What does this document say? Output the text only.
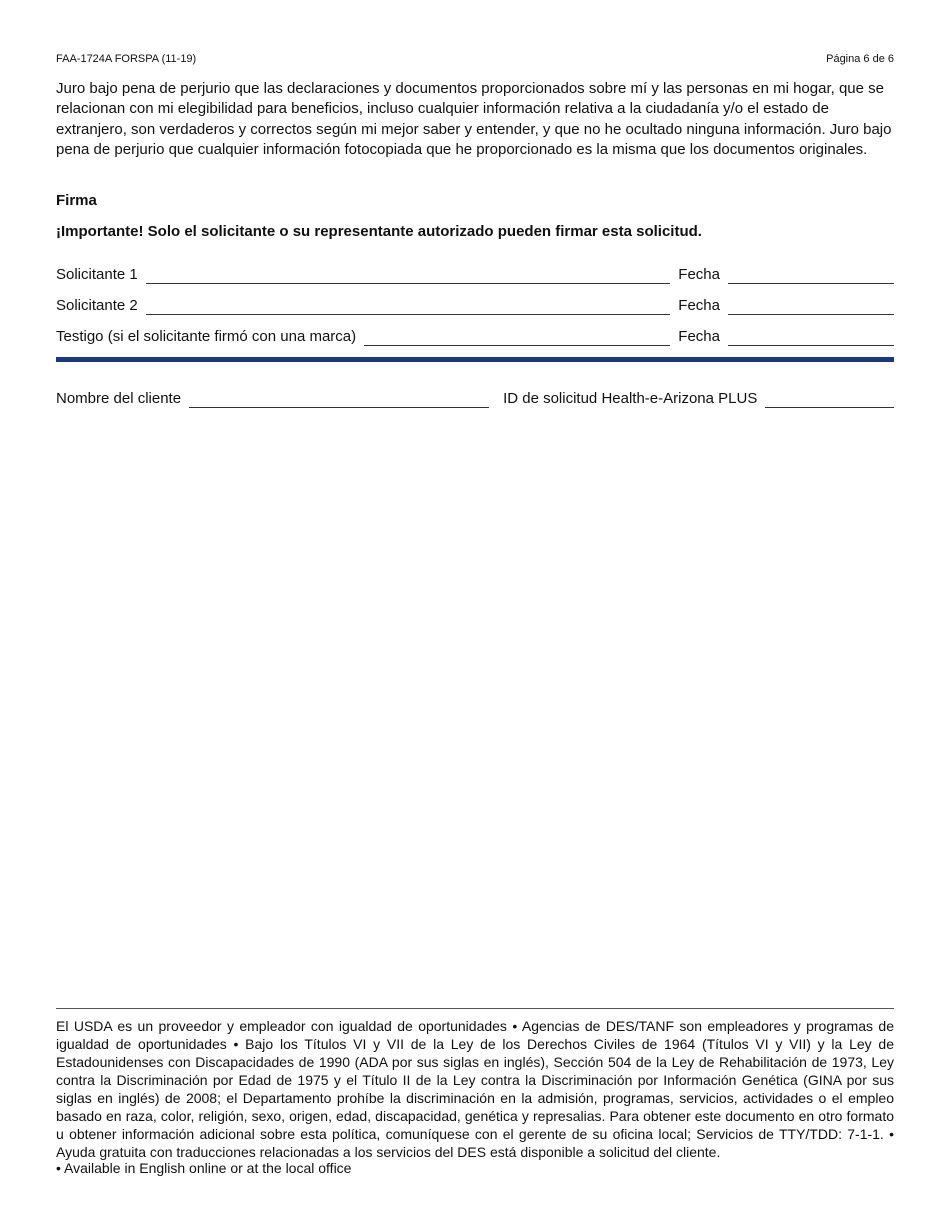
FAA-1724A FORSPA (11-19)	Página 6 de 6

Juro bajo pena de perjurio que las declaraciones y documentos proporcionados sobre mí y las personas en mi hogar, que se relacionan con mi elegibilidad para beneficios, incluso cualquier información relativa a la ciudadanía y/o el estado de extranjero, son verdaderos y correctos según mi mejor saber y entender, y que no he ocultado ninguna información. Juro bajo pena de perjurio que cualquier información fotocopiada que he proporcionado es la misma que los documentos originales.

Firma
¡Importante! Solo el solicitante o su representante autorizado pueden firmar esta solicitud.
Solicitante 1	Fecha
Solicitante 2	Fecha
Testigo (si el solicitante firmó con una marca)	Fecha
Nombre del cliente	ID de solicitud Health-e-Arizona PLUS

El USDA es un proveedor y empleador con igualdad de oportunidades • Agencias de DES/TANF son empleadores y programas de igualdad de oportunidades • Bajo los Títulos VI y VII de la Ley de los Derechos Civiles de 1964 (Títulos VI y VII) y la Ley de Estadounidenses con Discapacidades de 1990 (ADA por sus siglas en inglés), Sección 504 de la Ley de Rehabilitación de 1973, Ley contra la Discriminación por Edad de 1975 y el Título II de la Ley contra la Discriminación por Información Genética (GINA por sus siglas en inglés) de 2008; el Departamento prohíbe la discriminación en la admisión, programas, servicios, actividades o el empleo basado en raza, color, religión, sexo, origen, edad, discapacidad, genética y represalias. Para obtener este documento en otro formato u obtener información adicional sobre esta política, comuníquese con el gerente de su oficina local; Servicios de TTY/TDD: 7-1-1. • Ayuda gratuita con traducciones relacionadas a los servicios del DES está disponible a solicitud del cliente.

• Available in English online or at the local office
